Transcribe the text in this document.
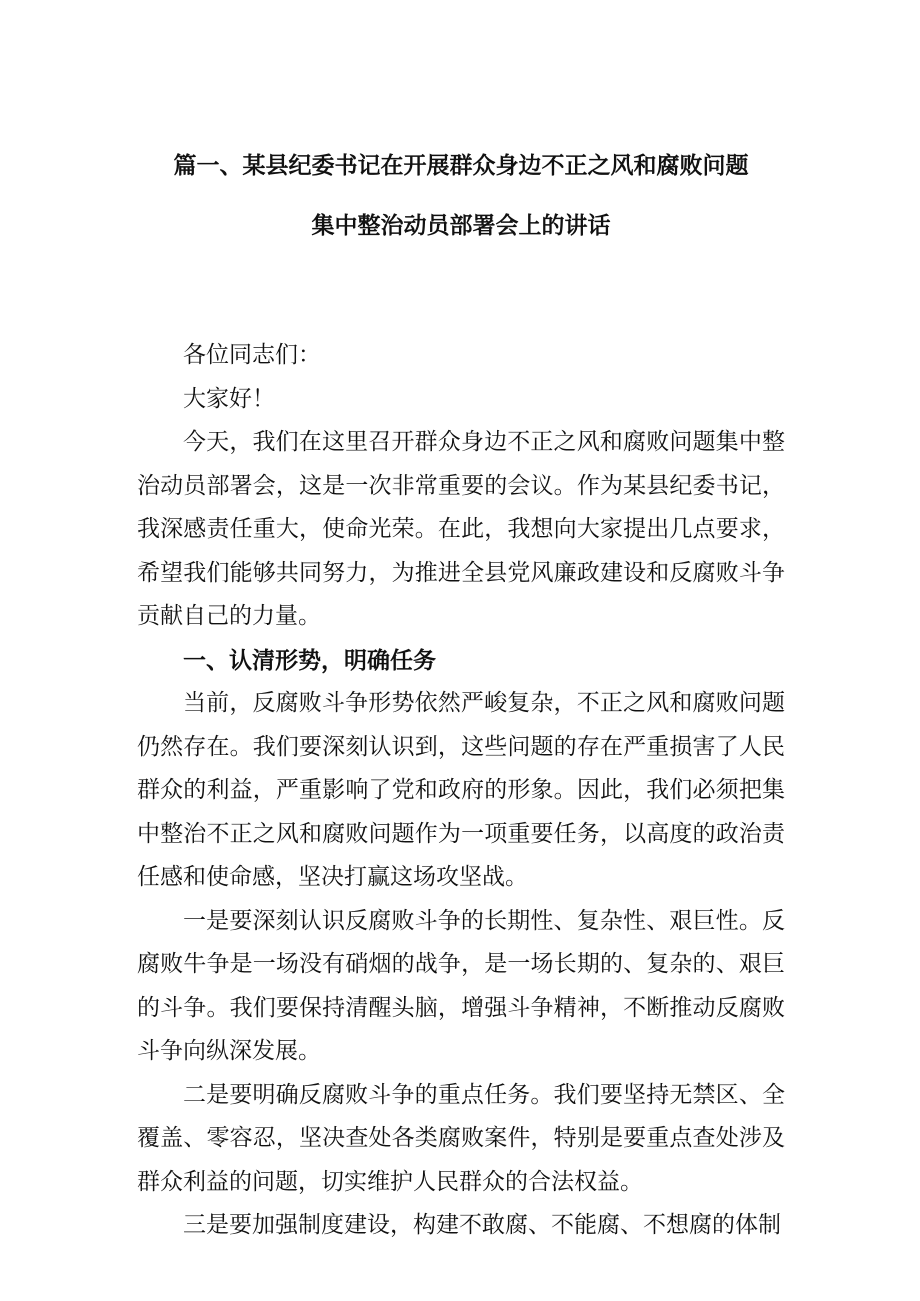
篇一、某县纪委书记在开展群众身边不正之风和腐败问题
集中整治动员部署会上的讲话

各位同志们：

大家好！

今天，我们在这里召开群众身边不正之风和腐败问题集中整治动员部署会，这是一次非常重要的会议。作为某县纪委书记，我深感责任重大，使命光荣。在此，我想向大家提出几点要求，希望我们能够共同努力，为推进全县党风廉政建设和反腐败斗争贡献自己的力量。

一、认清形势，明确任务

当前，反腐败斗争形势依然严峻复杂，不正之风和腐败问题仍然存在。我们要深刻认识到，这些问题的存在严重损害了人民群众的利益，严重影响了党和政府的形象。因此，我们必须把集中整治不正之风和腐败问题作为一项重要任务，以高度的政治责任感和使命感，坚决打赢这场攻坚战。

一是要深刻认识反腐败斗争的长期性、复杂性、艰巨性。反腐败牛争是一场没有硝烟的战争，是一场长期的、复杂的、艰巨的斗争。我们要保持清醒头脑，增强斗争精神，不断推动反腐败斗争向纵深发展。

二是要明确反腐败斗争的重点任务。我们要坚持无禁区、全覆盖、零容忍，坚决查处各类腐败案件，特别是要重点查处涉及群众利益的问题，切实维护人民群众的合法权益。

三是要加强制度建设，构建不敢腐、不能腐、不想腐的体制
